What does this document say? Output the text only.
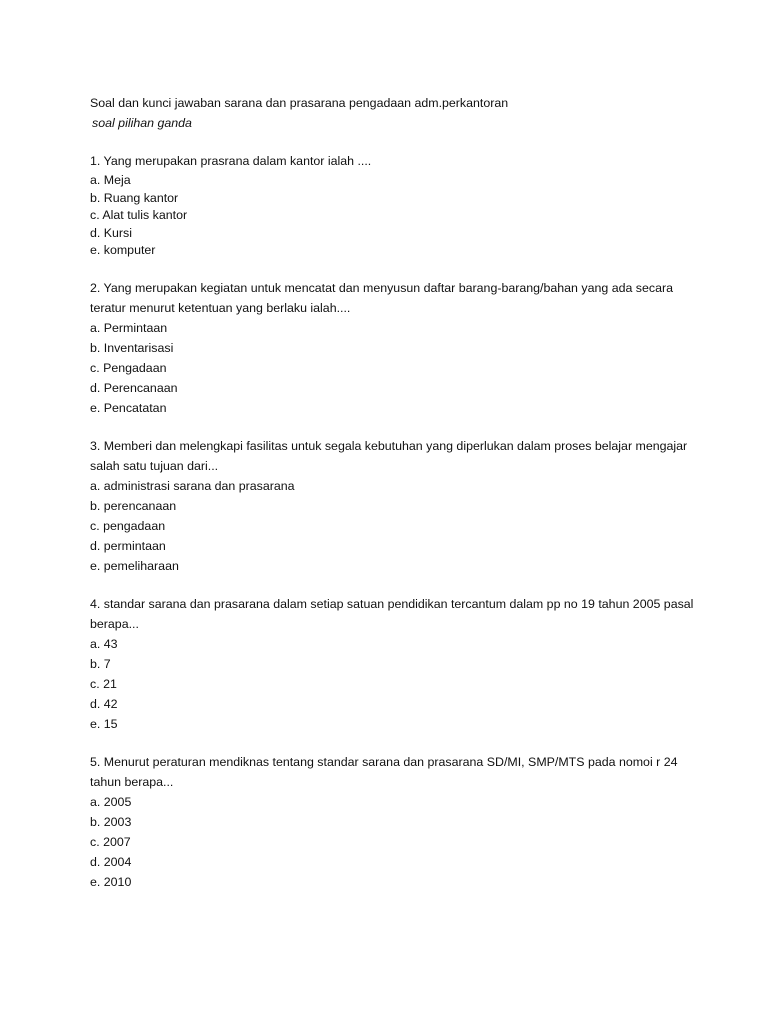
Soal dan kunci jawaban sarana dan prasarana pengadaan adm.perkantoran

soal pilihan ganda

1. Yang merupakan prasrana dalam kantor ialah ....

a. Meja

b. Ruang kantor

c. Alat tulis kantor

d. Kursi

e. komputer

2. Yang merupakan kegiatan untuk mencatat dan menyusun daftar barang-barang/bahan yang ada secara teratur menurut ketentuan yang berlaku ialah....

a. Permintaan

b. Inventarisasi

c. Pengadaan

d. Perencanaan

e. Pencatatan

3. Memberi dan melengkapi fasilitas untuk segala kebutuhan yang diperlukan dalam proses belajar mengajar salah satu tujuan dari...

a. administrasi sarana dan prasarana

b. perencanaan

c. pengadaan

d. permintaan

e. pemeliharaan

4. standar sarana dan prasarana dalam setiap satuan pendidikan tercantum dalam pp no 19 tahun 2005 pasal berapa...

a. 43

b. 7

c. 21

d. 42

e. 15

5. Menurut peraturan mendiknas tentang standar sarana dan prasarana SD/MI, SMP/MTS pada nomoi r 24 tahun berapa...

a. 2005

b. 2003

c. 2007

d. 2004

e. 2010
